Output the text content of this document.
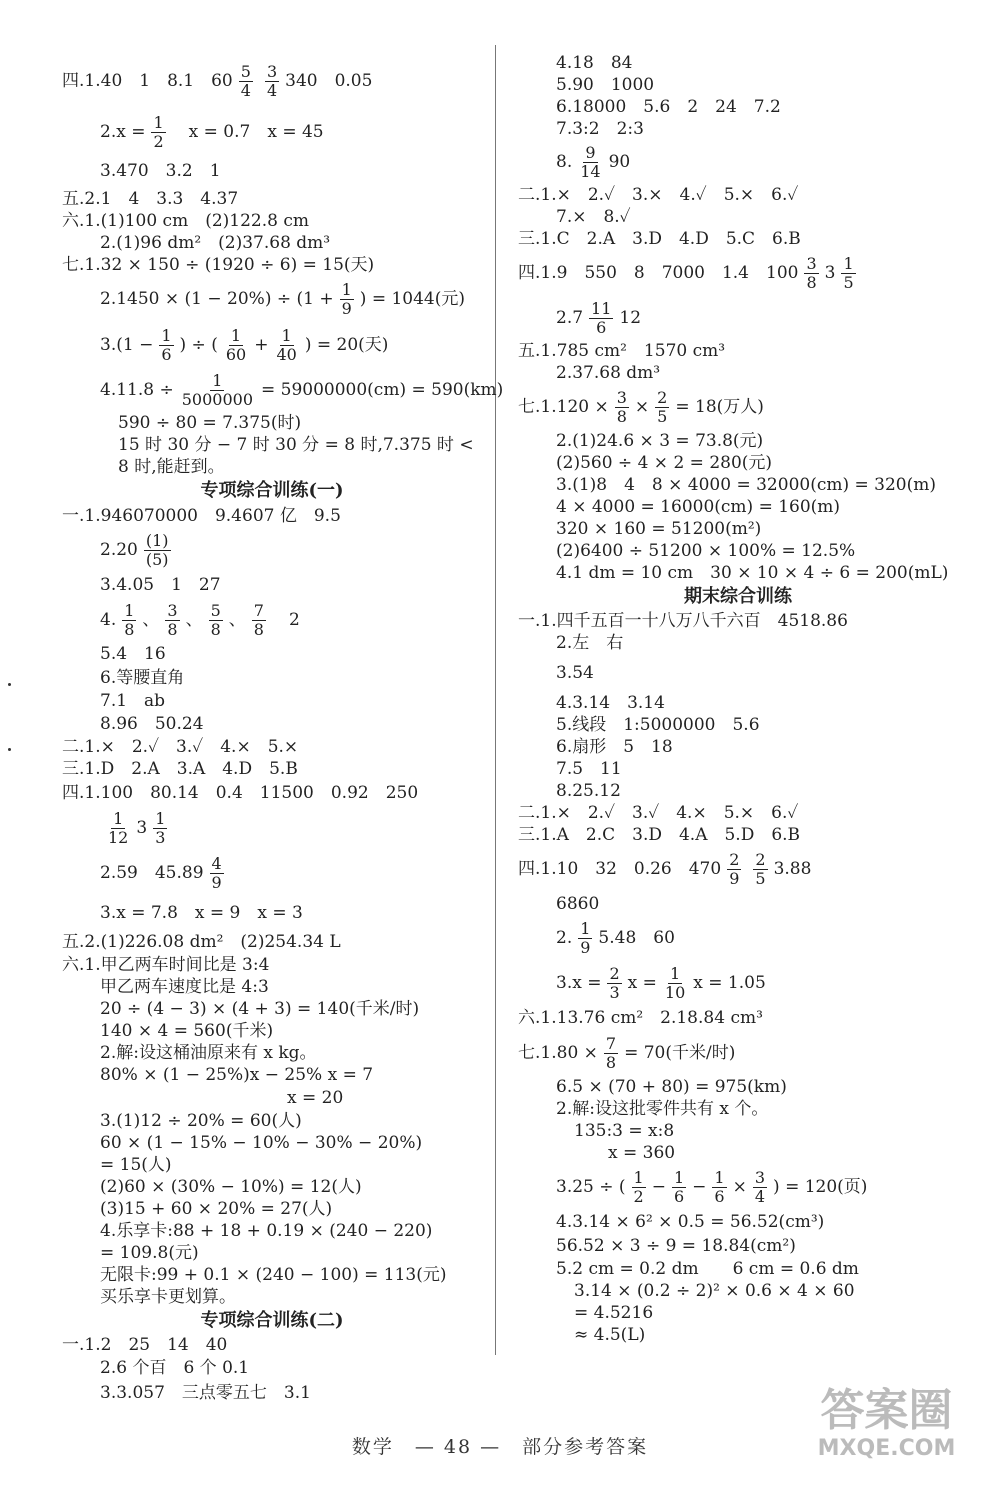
四.1.40　1　8.1　$60 \frac{5}{4} \frac{3}{4} 340$　0.05
$2.x = \frac{1}{2}$ 　x = 0.7　x = 45
3.470　3.2　1
五.2.1　4　3.3　4.37
六.1.(1)100 cm　(2)122.8 cm
2.(1)96 dm²　(2)37.68 dm³
七.1.32 × 150 ÷ (1920 ÷ 6) = 15(天)
$2.1450 \times (1 - 20\%) \div (1 + \frac{1}{9}$ ) = 1044(元)
$3.(1 - \frac{1}{6}$ ) ÷ ( $\frac{1}{60} + \frac{1}{40}$ ) = 20(天)
$4.11.8 \div \frac{1}{5000000} = 59000000(cm) = 590(km)$
590 ÷ 80 = 7.375(时)
15 时 30 分 − 7 时 30 分 = 8 时,7.375 时 <
8 时,能赶到。
专项综合训练(一)
一.1.946070000　9.4607 亿　9.5
$2.20 \frac{(1)}{(5)}$
3.4.05　1　27
4. $\frac{1}{8}$ 、 $\frac{3}{8}$ 、 $\frac{5}{8}$ 、 $\frac{7}{8}$ 　2
5.4　16
6.等腰直角
7.1　ab
8.96　50.24
二.1.×　2.✓　3.✓　4.×　5.×
三.1.D　2.A　3.A　4.D　5.B
四.1.100　80.14　0.4　11500　0.92　250
$\frac{1}{12} 3 \frac{1}{3}$
2.59　$45.89 \frac{4}{9}$
3.x = 7.8　x = 9　x = 3
五.2.(1)226.08 dm²　(2)254.34 L
六.1.甲乙两车时间比是 3:4
甲乙两车速度比是 4:3
20 ÷ (4 − 3) × (4 + 3) = 140(千米/时)
140 × 4 = 560(千米)
2.解:设这桶油原来有 x kg。
80% × (1 − 25%)x − 25% x = 7
　　　　　　　　　　　x = 20
3.(1)12 ÷ 20% = 60(人)
60 × (1 − 15% − 10% − 30% − 20%)
= 15(人)
(2)60 × (30% − 10%) = 12(人)
(3)15 + 60 × 20% = 27(人)
4.乐享卡:88 + 18 + 0.19 × (240 − 220)
= 109.8(元)
无限卡:99 + 0.1 × (240 − 100) = 113(元)
买乐享卡更划算。
专项综合训练(二)
一.1.2　25　14　40
2.6 个百　6 个 0.1
3.3.057　三点零五七　3.1
4.18　84
5.90　1000
6.18000　5.6　2　24　7.2
7.3:2　2:3
8. $\frac{9}{14} 90$
二.1.×　2.✓　3.×　4.✓　5.×　6.✓
7.×　8.✓
三.1.C　2.A　3.D　4.D　5.C　6.B
四.1.9　550　8　7000　1.4　$100 \frac{3}{8} 3 \frac{1}{5}$
$2.7 \frac{11}{6} 12$
五.1.785 cm²　1570 cm³
2.37.68 dm³
七$.1.120 \times \frac{3}{8} \times \frac{2}{5} = 18$(万人)
2.(1)24.6 × 3 = 73.8(元)
(2)560 ÷ 4 × 2 = 280(元)
3.(1)8　4　8 × 4000 = 32000(cm) = 320(m)
4 × 4000 = 16000(cm) = 160(m)
320 × 160 = 51200(m²)
(2)6400 ÷ 51200 × 100% = 12.5%
4.1 dm = 10 cm　30 × 10 × 4 ÷ 6 = 200(mL)
期末综合训练
一.1.四千五百一十八万八千六百　4518.86
2.左　右
3.54
4.3.14　3.14
5.线段　1:5000000　5.6
6.扇形　5　18
7.5　11
8.25.12
二.1.×　2.✓　3.✓　4.×　5.×　6.✓
三.1.A　2.C　3.D　4.A　5.D　6.B
四.1.10　32　0.26　$470 \frac{2}{9} \frac{2}{5} 3.88$
6860
2. $\frac{1}{9} 5.48$　60
$3.x = \frac{2}{3}$ $x = \frac{1}{10}$ x = 1.05
六.1.13.76 cm²　2.18.84 cm³
七$.1.80 \times \frac{7}{8} = 70$(千米/时)
6.5 × (70 + 80) = 975(km)
2.解:设这批零件共有 x 个。
135:3 = x:8
　　x = 360
3.25 ÷ ( $\frac{1}{2} - \frac{1}{6} - \frac{1}{6} \times \frac{3}{4}$ ) = 120(页)
4.3.14 × 6² × 0.5 = 56.52(cm³)
56.52 × 3 ÷ 9 = 18.84(cm²)
5.2 cm = 0.2 dm　　6 cm = 0.6 dm
3.14 × (0.2 ÷ 2)² × 0.6 × 4 × 60
= 4.5216
≈ 4.5(L)
数学　— 48 —　部分参考答案
答案圈
MXQE.COM
